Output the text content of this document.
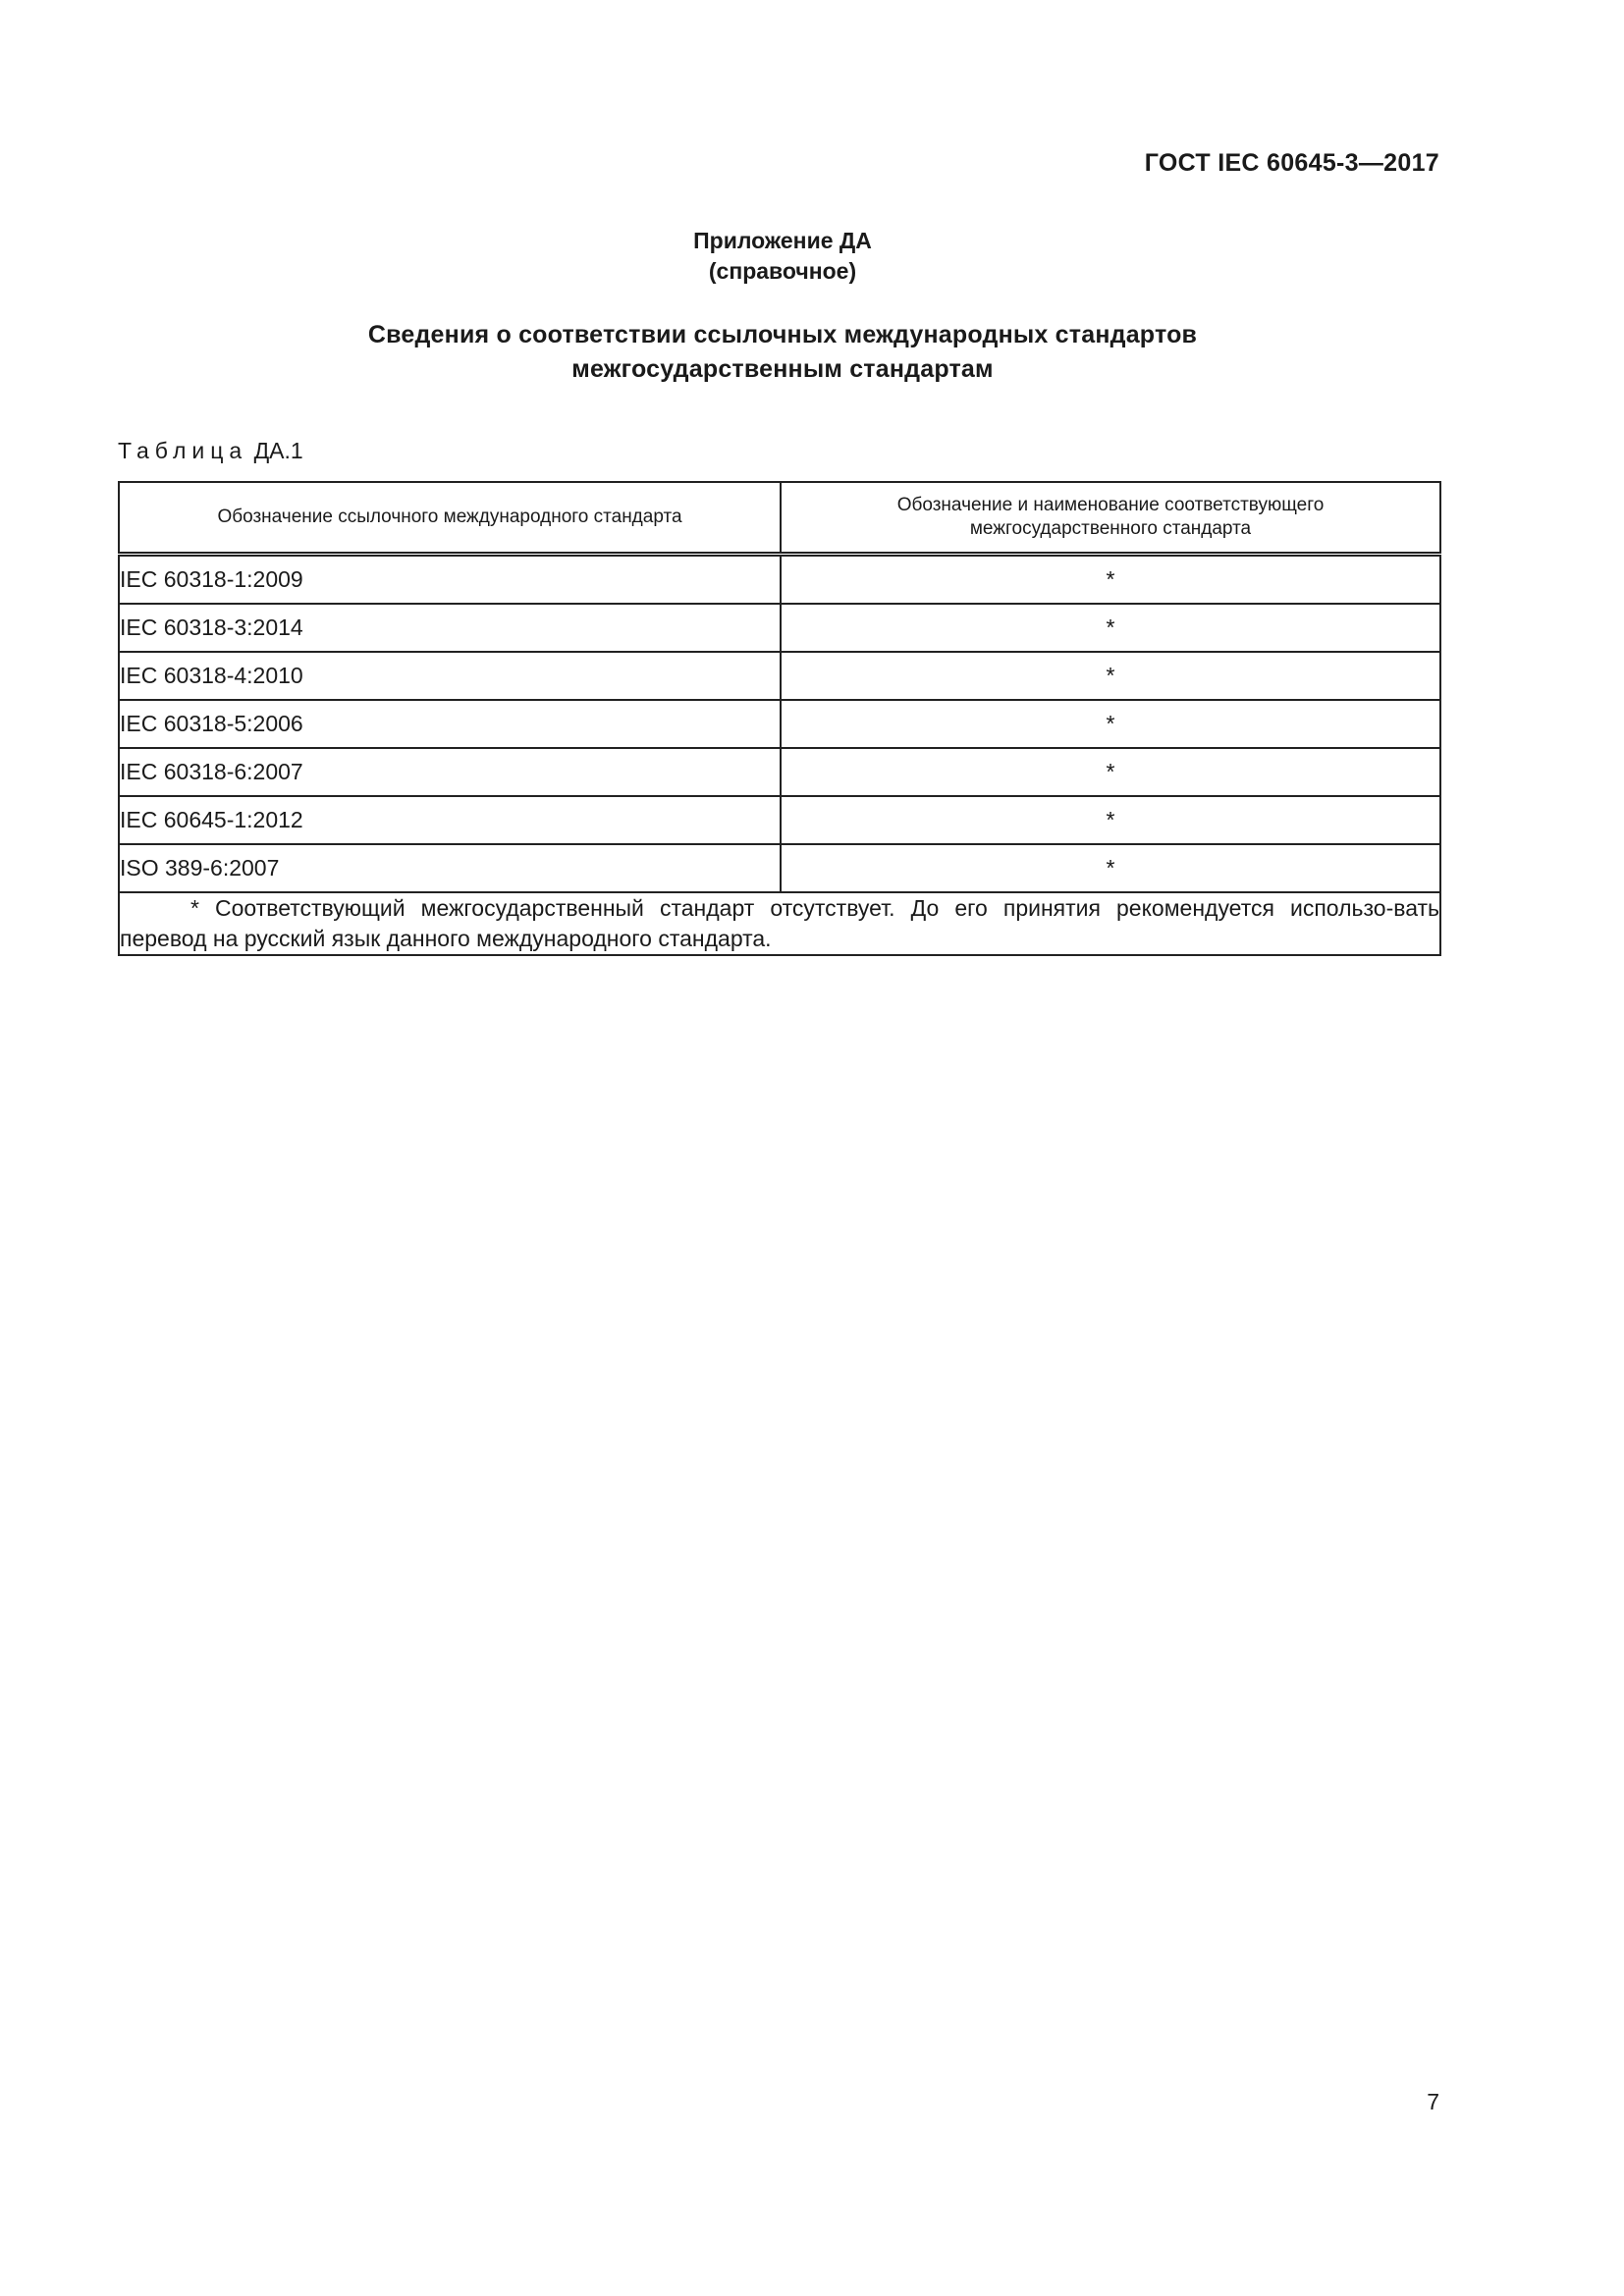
ГОСТ IEC 60645-3—2017
Приложение ДА
(справочное)
Сведения о соответствии ссылочных международных стандартов
межгосударственным стандартам
Таблица ДА.1
Обозначение ссылочного международного стандарта	Обозначение и наименование соответствующего
межгосударственного стандарта

IEC 60318-1:2009	*
IEC 60318-3:2014	*
IEC 60318-4:2010	*
IEC 60318-5:2006	*
IEC 60318-6:2007	*
IEC 60645-1:2012	*
ISO 389-6:2007	*

* Соответствующий межгосударственный стандарт отсутствует. До его принятия рекомендуется использо-вать перевод на русский язык данного международного стандарта.	
7
